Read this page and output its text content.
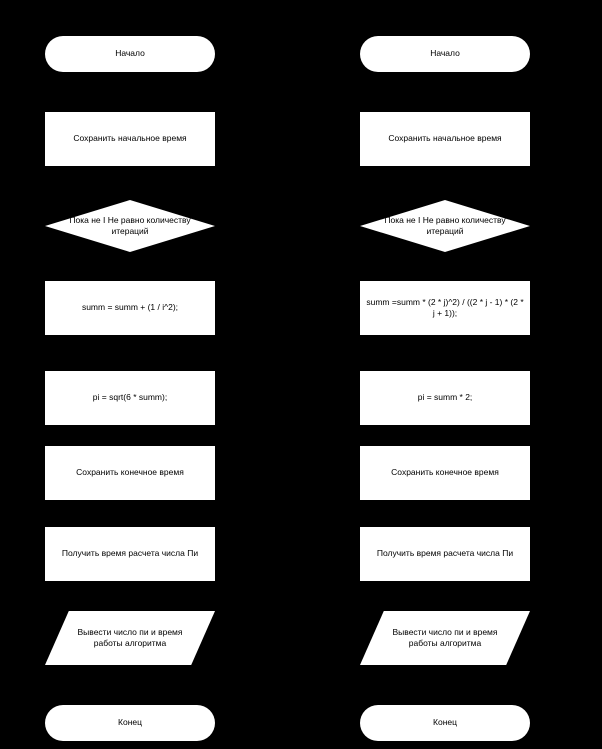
Начало
Сохранить начальное время
Пока не I Не равно количеству итераций
summ = summ + (1 / i^2);
pi = sqrt(6 * summ);
Сохранить конечное время
Получить время расчета числа Пи
Вывести число пи и время работы алгоритма
Конец
Начало
Сохранить начальное время
Пока не I Не равно количеству итераций
summ =summ * (2 * j)^2) / ((2 * j - 1) * (2 * j + 1));
pi = summ * 2;
Сохранить конечное время
Получить время расчета числа Пи
Вывести число пи и время работы алгоритма
Конец
